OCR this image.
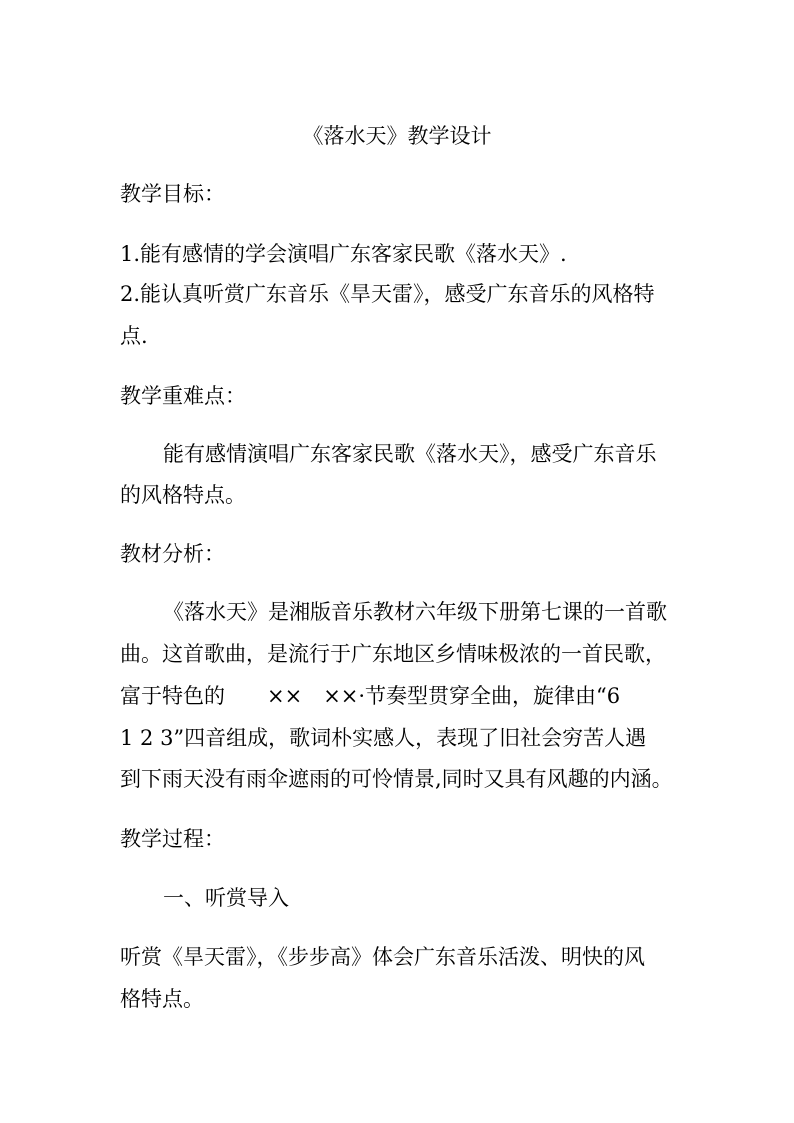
《落水天》教学设计
教学目标：
1.能有感情的学会演唱广东客家民歌《落水天》.
2.能认真听赏广东音乐《旱天雷》，感受广东音乐的风格特
点.
教学重难点：
能有感情演唱广东客家民歌《落水天》，感受广东音乐
的风格特点。
教材分析：
《落水天》是湘版音乐教材六年级下册第七课的一首歌
曲。这首歌曲，是流行于广东地区乡情味极浓的一首民歌，
富于特色的　　××　××·节奏型贯穿全曲，旋律由“6
1 2 3”四音组成，歌词朴实感人，表现了旧社会穷苦人遇
到下雨天没有雨伞遮雨的可怜情景,同时又具有风趣的内涵。
教学过程：
一、听赏导入
听赏《旱天雷》，《步步高》体会广东音乐活泼、明快的风
格特点。
